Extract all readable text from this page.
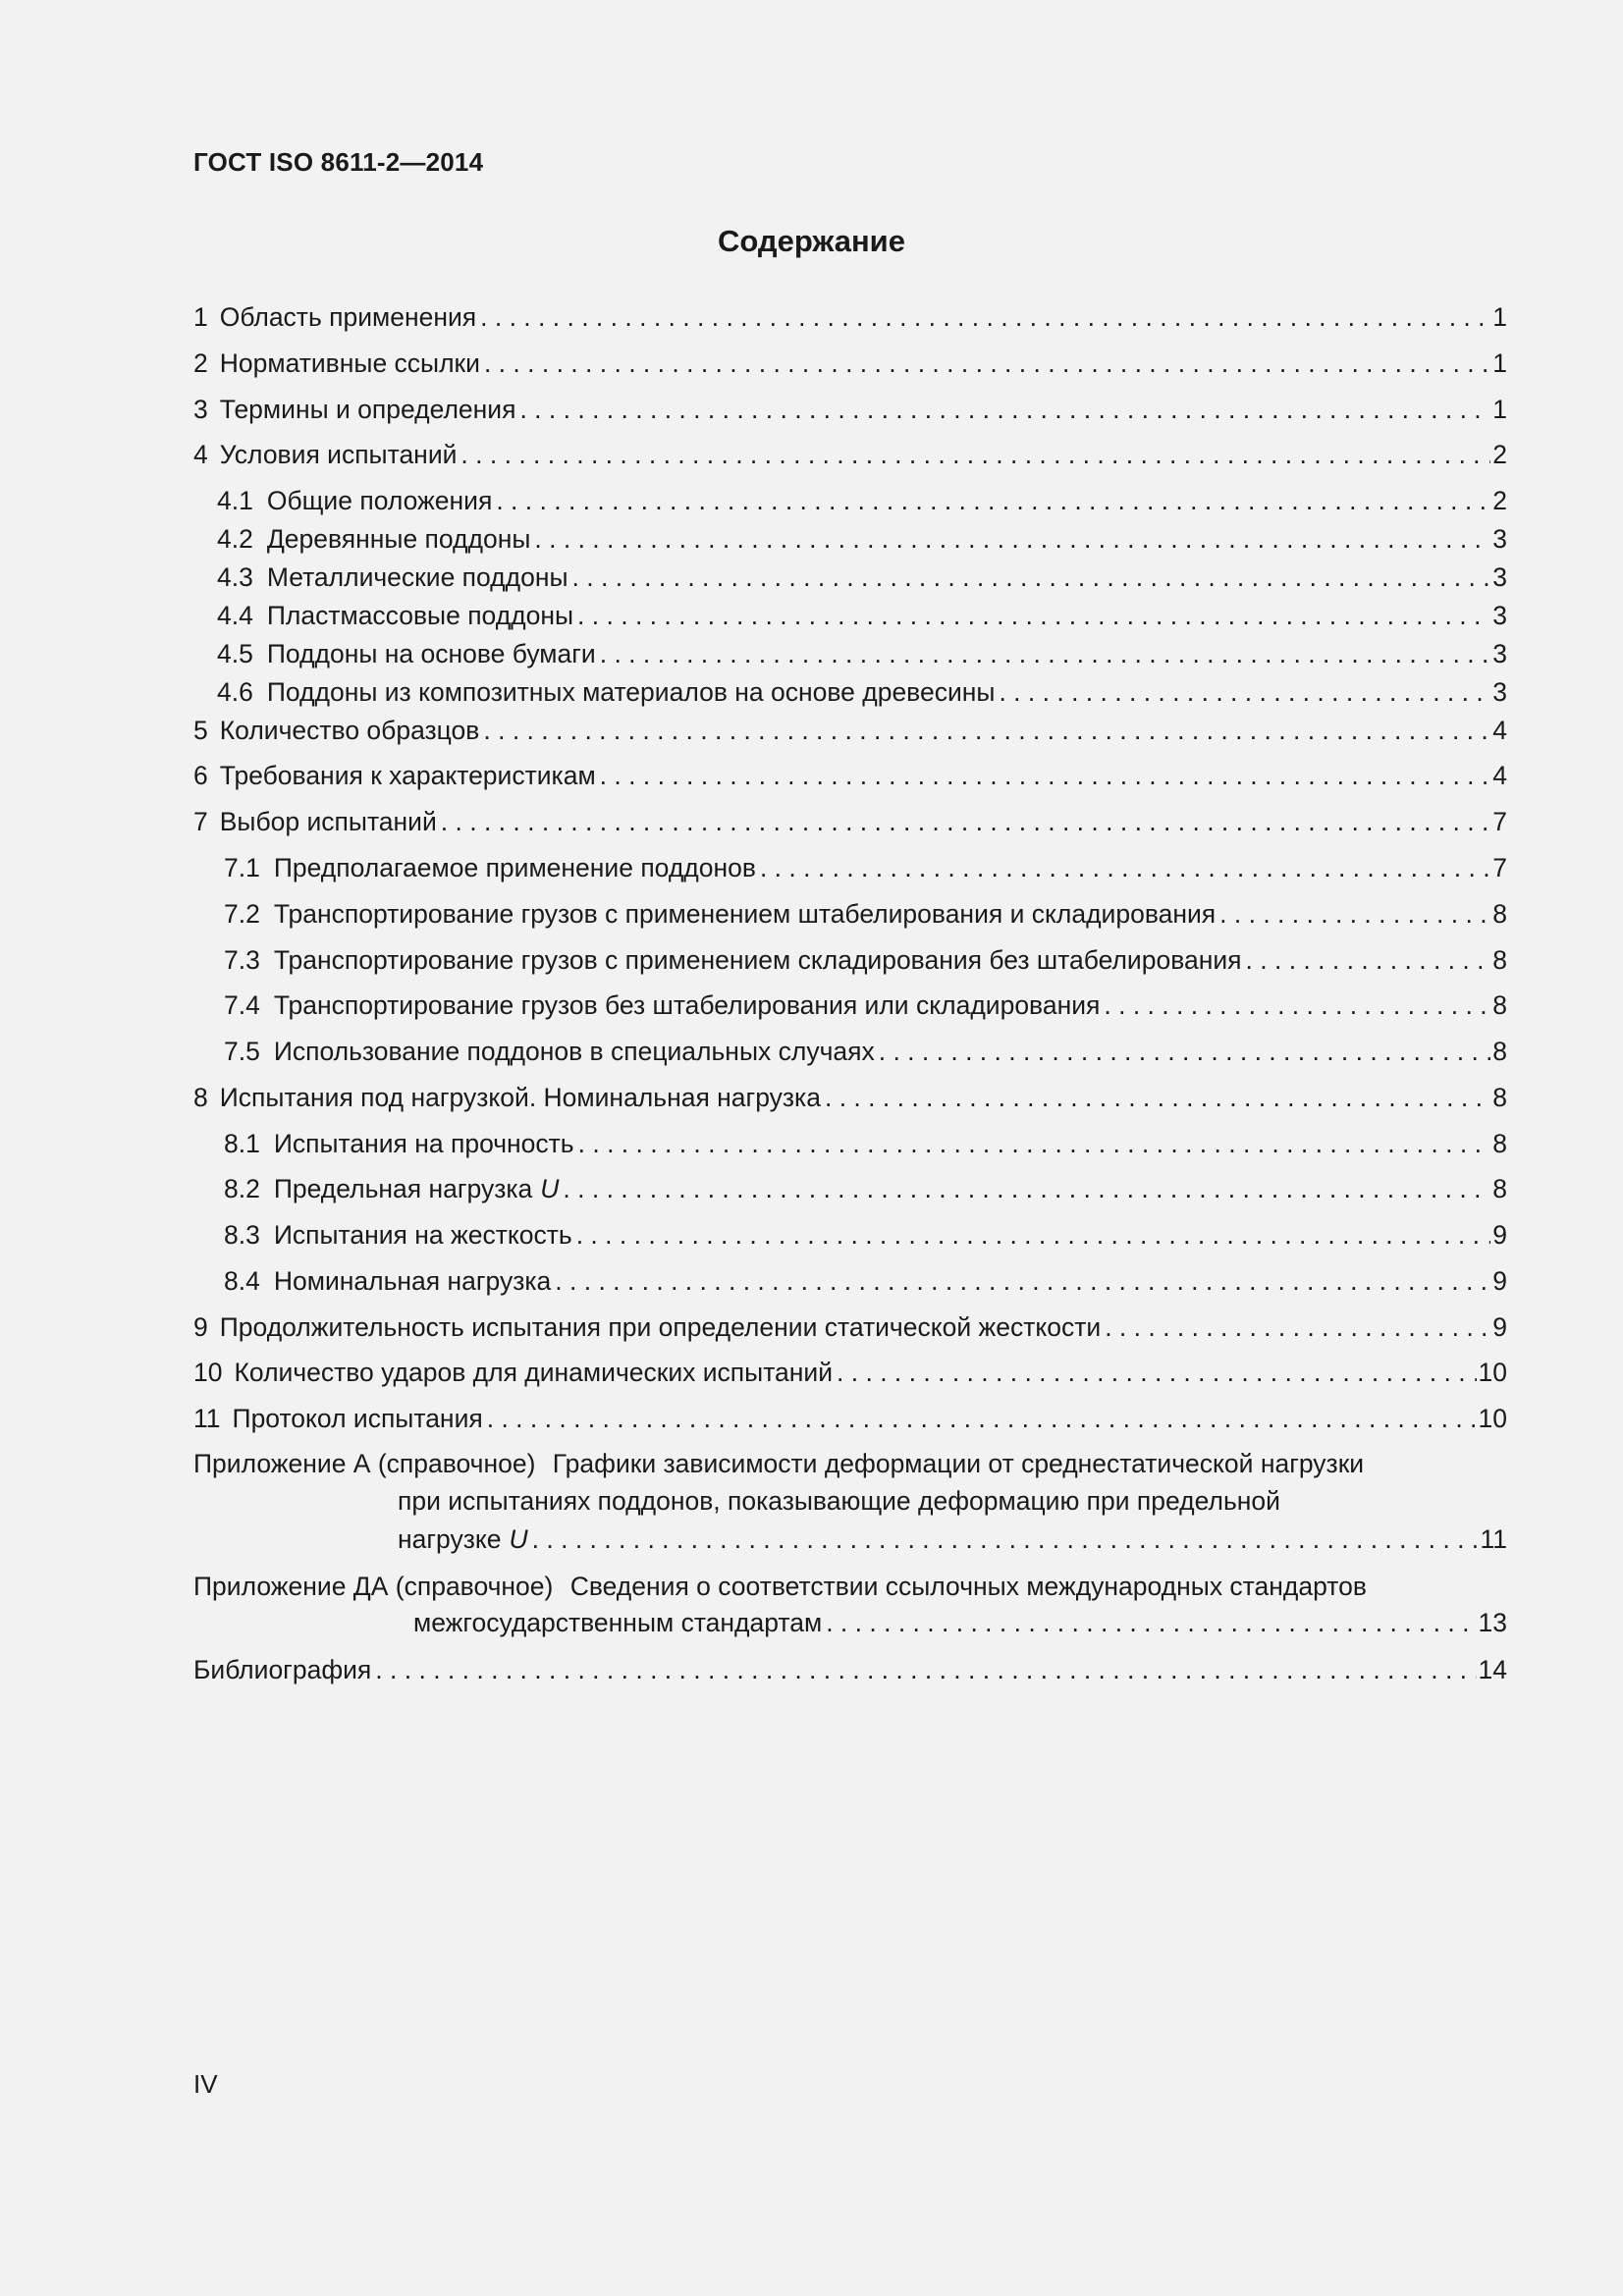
ГОСТ ISO 8611-2—2014
Содержание
1 Область применения . . .	1
2 Нормативные ссылки . . .	1
3 Термины и определения . . .	1
4 Условия испытаний . . .	2
4.1 Общие положения . . .	2
4.2 Деревянные поддоны . . .	3
4.3 Металлические поддоны . . .	3
4.4 Пластмассовые поддоны . . .	3
4.5 Поддоны на основе бумаги . . .	3
4.6 Поддоны из композитных материалов на основе древесины . . .	3
5 Количество образцов . . .	4
6 Требования к характеристикам . . .	4
7 Выбор испытаний . . .	7
7.1 Предполагаемое применение поддонов . . .	7
7.2 Транспортирование грузов с применением штабелирования и складирования . . .	8
7.3 Транспортирование грузов с применением складирования без штабелирования . . .	8
7.4 Транспортирование грузов без штабелирования или складирования . . .	8
7.5 Использование поддонов в специальных случаях . . .	8
8 Испытания под нагрузкой. Номинальная нагрузка . . .	8
8.1 Испытания на прочность . . .	8
8.2 Предельная нагрузка U . . .	8
8.3 Испытания на жесткость . . .	9
8.4 Номинальная нагрузка . . .	9
9 Продолжительность испытания при определении статической жесткости . . .	9
10 Количество ударов для динамических испытаний . . .	10
11 Протокол испытания . . .	10
Приложение А (справочное) Графики зависимости деформации от среднестатической нагрузки
при испытаниях поддонов, показывающие деформацию при предельной
нагрузке U . . .	11
Приложение ДА (справочное) Сведения о соответствии ссылочных международных стандартов
межгосударственным стандартам . . .	13
Библиография . . .	14
IV
